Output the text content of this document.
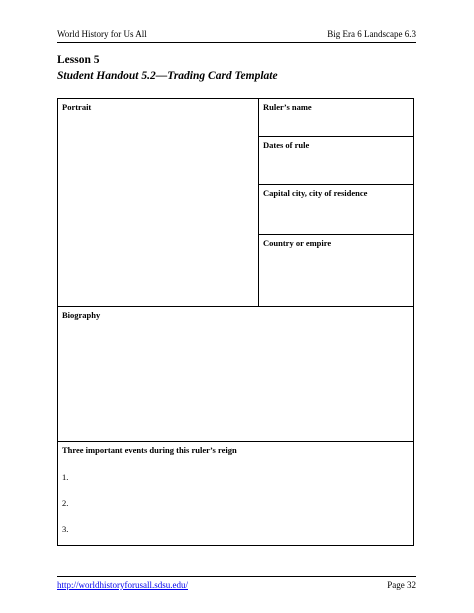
World History for Us All	Big Era 6 Landscape 6.3
Lesson 5
Student Handout 5.2—Trading Card Template
Portrait	Ruler’s name
Dates of rule
Capital city, city of residence
Country or empire
Biography
Three important events during this ruler’s reign
1.
2.
3.
http://worldhistoryforusall.sdsu.edu/	Page 32
